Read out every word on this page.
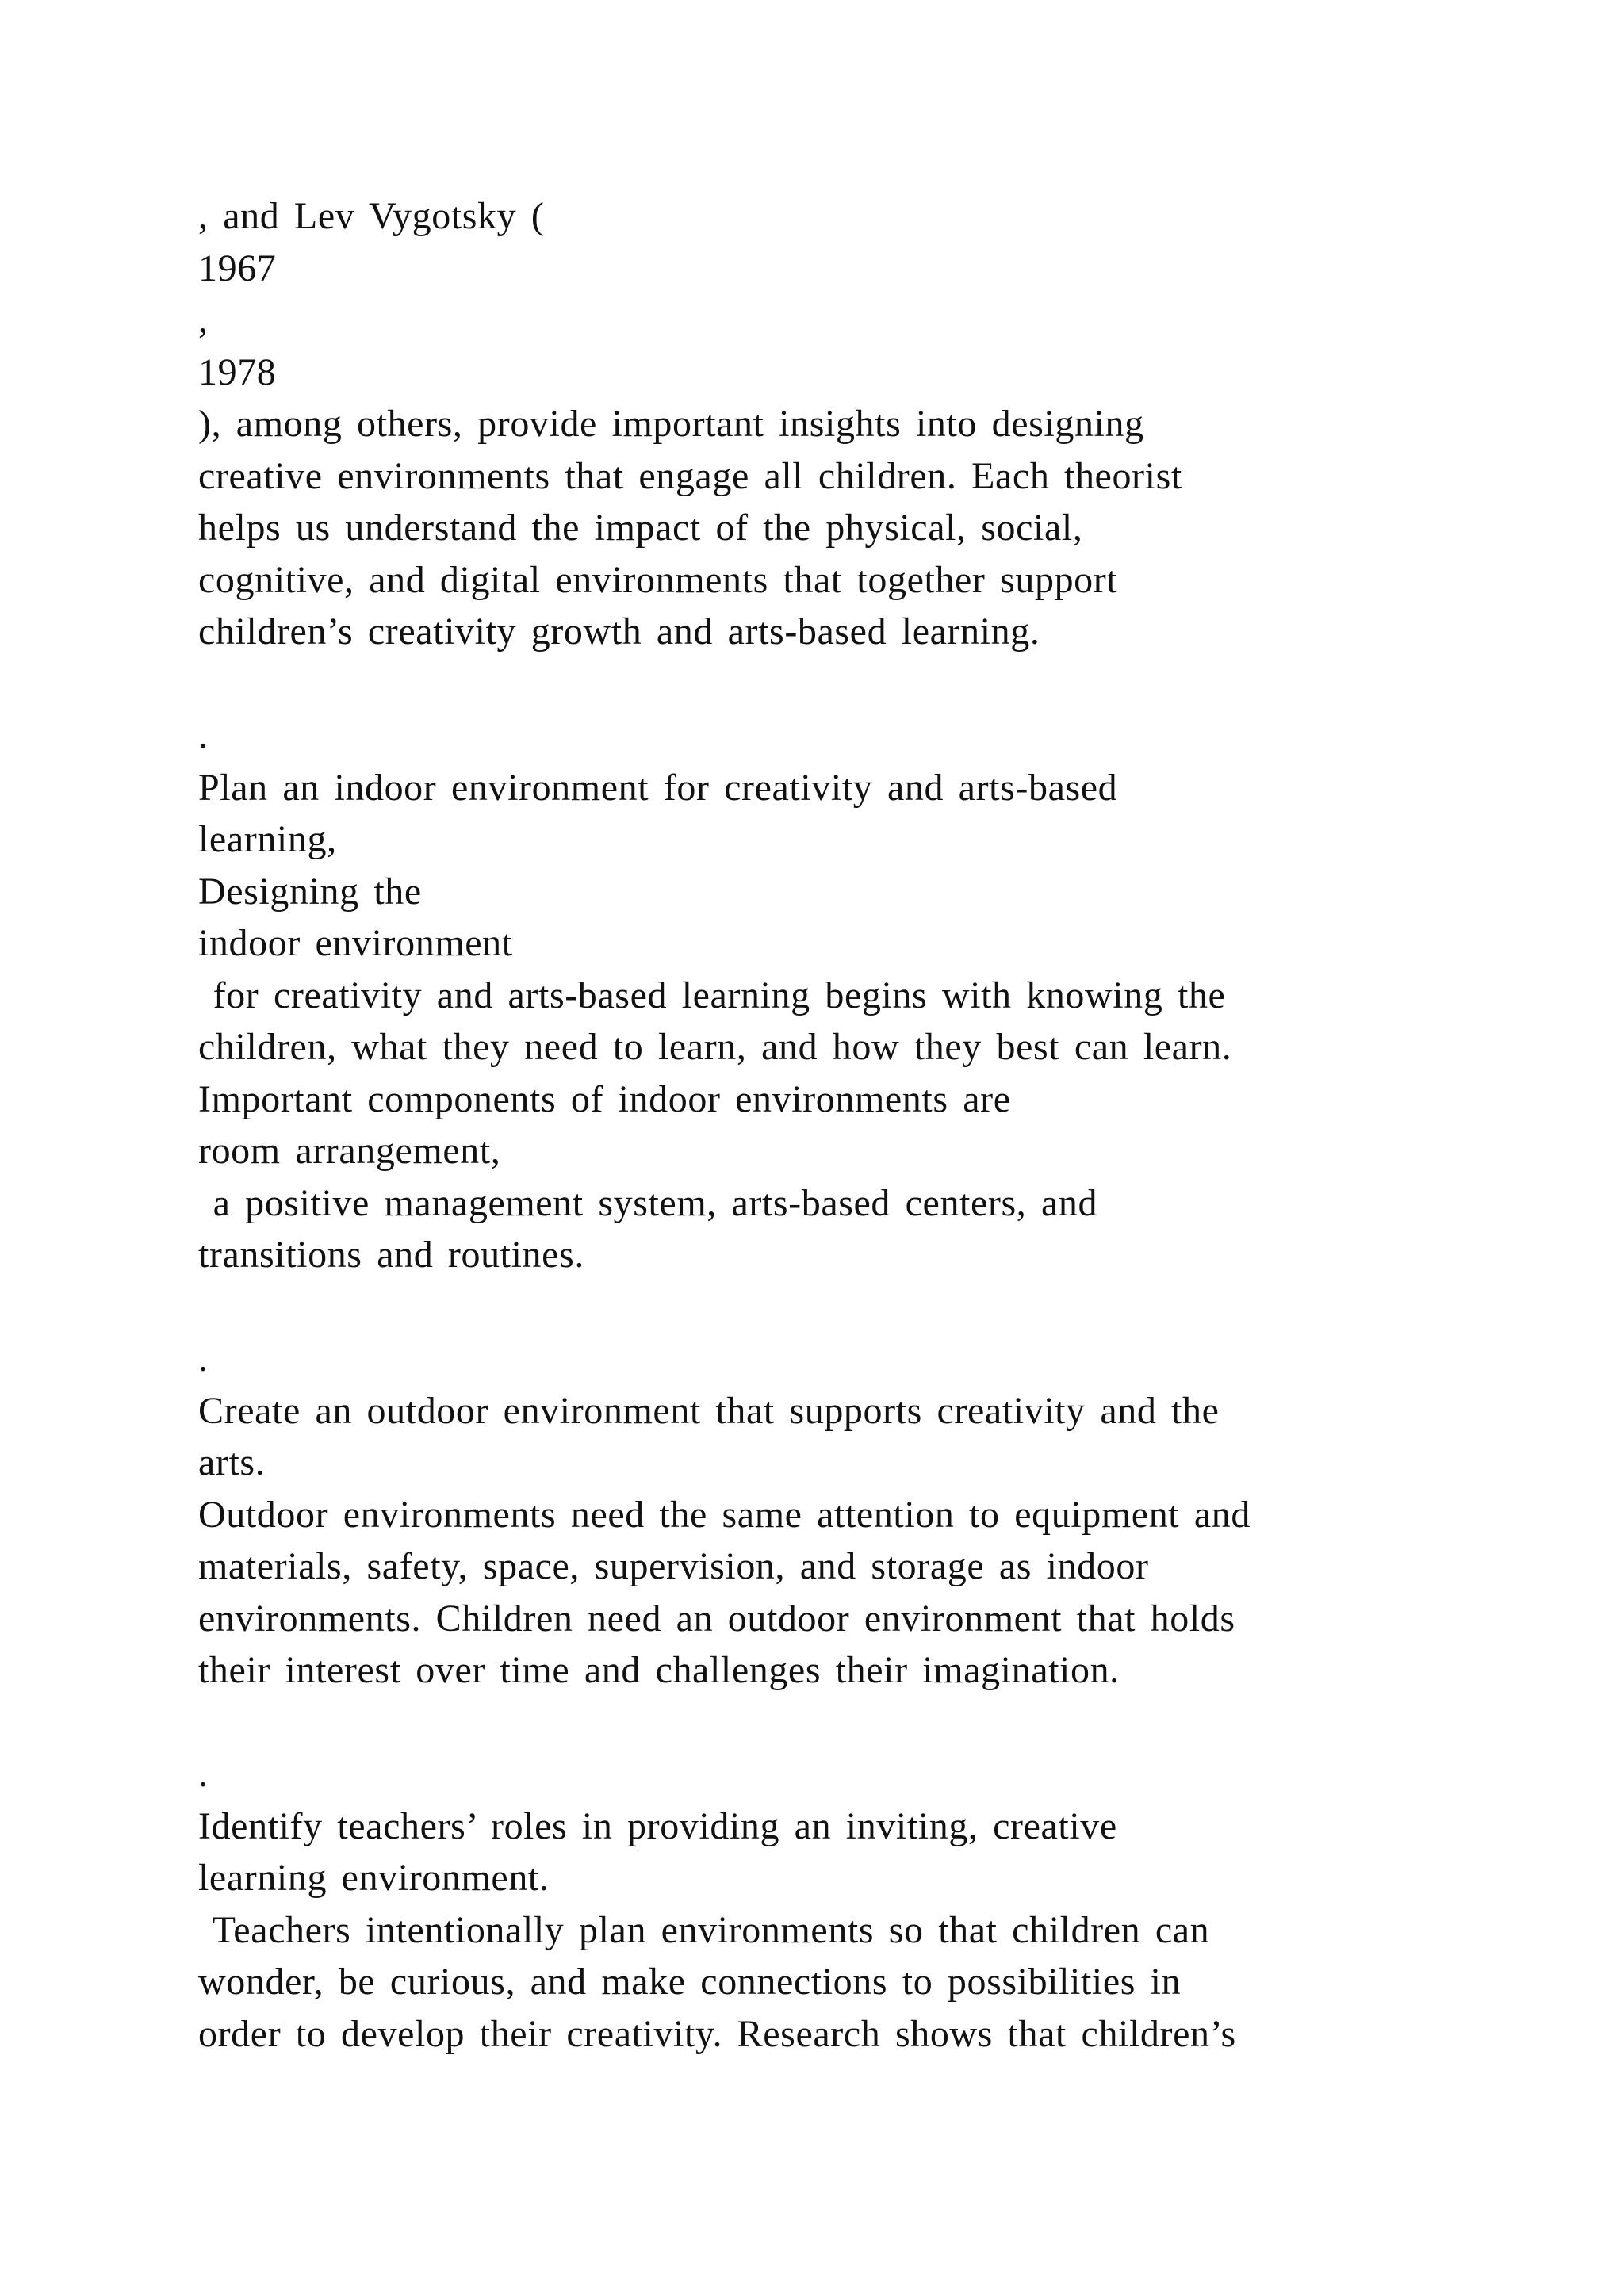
, and Lev Vygotsky (
1967
,
1978
), among others, provide important insights into designing
creative environments that engage all children. Each theorist
helps us understand the impact of the physical, social,
cognitive, and digital environments that together support
children’s creativity growth and arts-based learning.
.
Plan an indoor environment for creativity and arts-based
learning,
Designing the
indoor environment
for creativity and arts-based learning begins with knowing the
children, what they need to learn, and how they best can learn.
Important components of indoor environments are
room arrangement,
a positive management system, arts-based centers, and
transitions and routines.
.
Create an outdoor environment that supports creativity and the
arts.
Outdoor environments need the same attention to equipment and
materials, safety, space, supervision, and storage as indoor
environments. Children need an outdoor environment that holds
their interest over time and challenges their imagination.
.
Identify teachers’ roles in providing an inviting, creative
learning environment.
Teachers intentionally plan environments so that children can
wonder, be curious, and make connections to possibilities in
order to develop their creativity. Research shows that children’s
